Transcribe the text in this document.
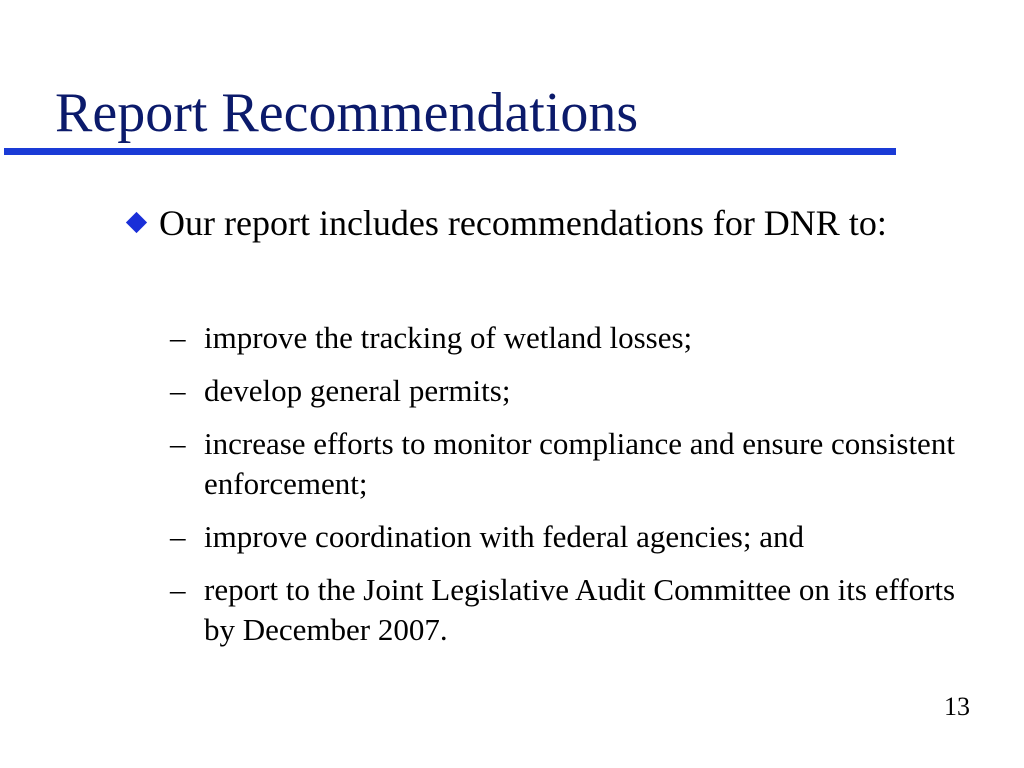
Report Recommendations
Our report includes recommendations for DNR to:
– improve the tracking of wetland losses;
– develop general permits;
– increase efforts to monitor compliance and ensure consistent enforcement;
– improve coordination with federal agencies; and
– report to the Joint Legislative Audit Committee on its efforts by December 2007.
13
